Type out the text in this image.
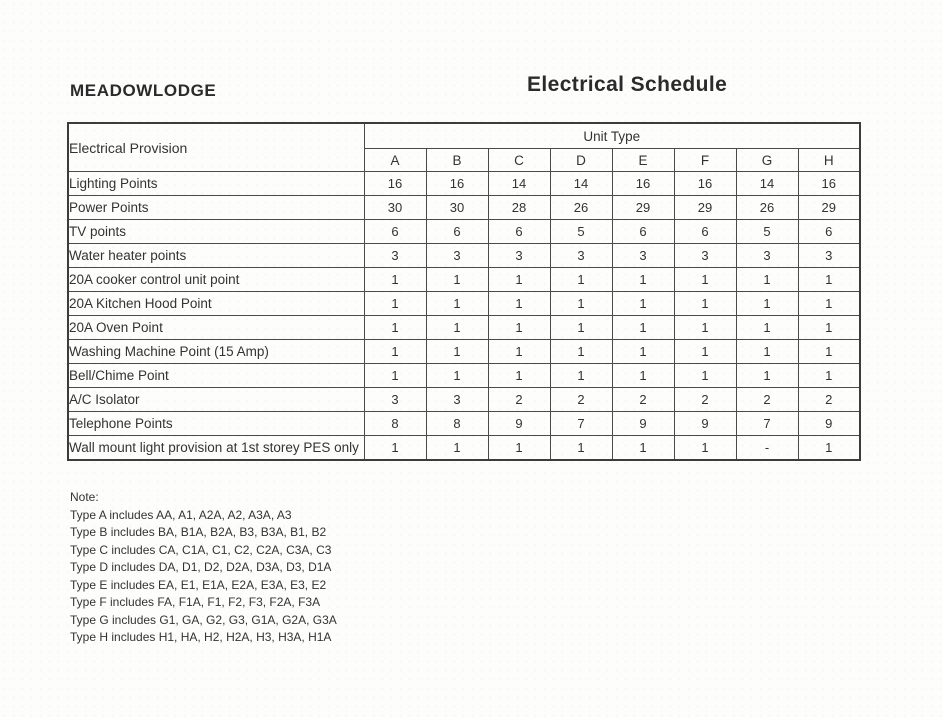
MEADOWLODGE	Electrical Schedule
Electrical Provision	Unit Type							
	A	B	C	D	E	F	G	H
Lighting Points	16	16	14	14	16	16	14	16
Power Points	30	30	28	26	29	29	26	29
TV points	6	6	6	5	6	6	5	6
Water heater points	3	3	3	3	3	3	3	3
20A cooker control unit point	1	1	1	1	1	1	1	1
20A Kitchen Hood Point	1	1	1	1	1	1	1	1
20A Oven Point	1	1	1	1	1	1	1	1
Washing Machine Point (15 Amp)	1	1	1	1	1	1	1	1
Bell/Chime Point	1	1	1	1	1	1	1	1
A/C Isolator	3	3	2	2	2	2	2	2
Telephone Points	8	8	9	7	9	9	7	9
Wall mount light provision at 1st storey PES only	1	1	1	1	1	1	-	1
Note:
Type A includes AA, A1, A2A, A2, A3A, A3
Type B includes BA, B1A, B2A, B3, B3A, B1, B2
Type C includes CA, C1A, C1, C2, C2A, C3A, C3
Type D includes DA, D1, D2, D2A, D3A, D3, D1A
Type E includes EA, E1, E1A, E2A, E3A, E3, E2
Type F includes FA, F1A, F1, F2, F3, F2A, F3A
Type G includes G1, GA, G2, G3, G1A, G2A, G3A
Type H includes H1, HA, H2, H2A, H3, H3A, H1A
